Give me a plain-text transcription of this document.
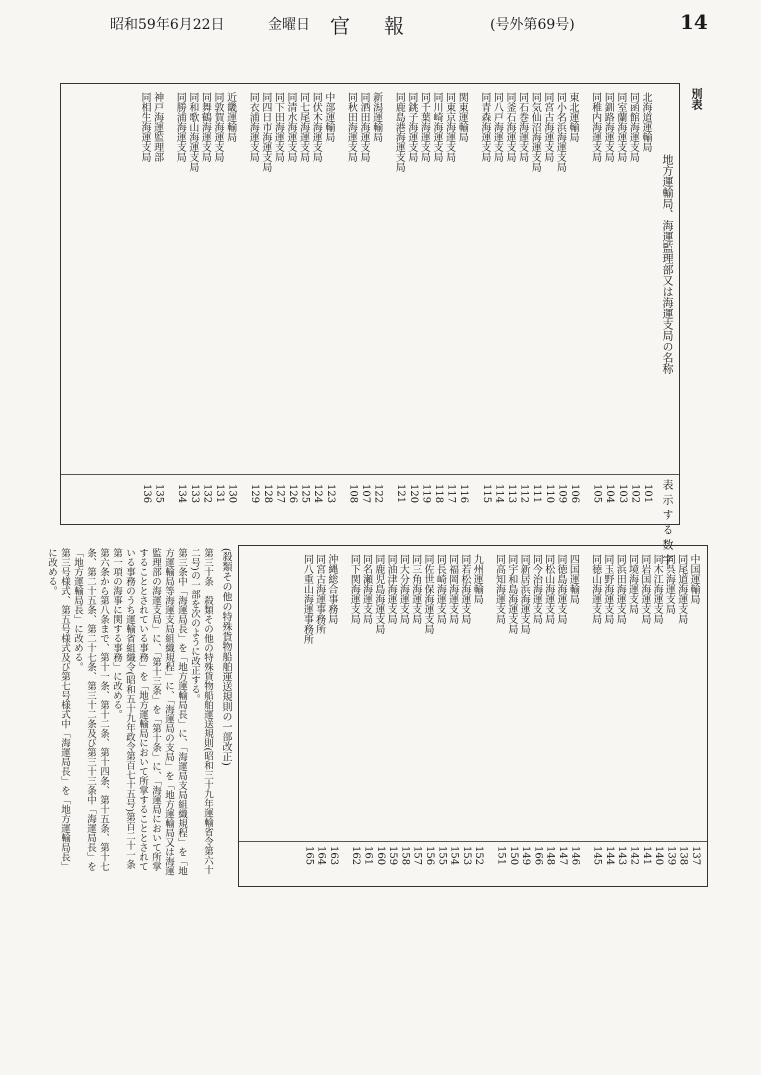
昭和59年6月22日	金曜日 官報	(号外第69号)	14
別表
地方運輸局、海運監理部又は海運支局の名称
表示する数字
北海道運輸局
101
同函館海運支局
102
同室蘭海運支局
103
同釧路海運支局
104
同稚内海運支局
105
東北運輸局
106
同小名浜海運支局
109
同宮古海運支局
110
同気仙沼海運支局
111
同石巻海運支局
112
同釜石海運支局
113
同八戸海運支局
114
同青森海運支局
115
関東運輸局
116
同東京海運支局
117
同川崎海運支局
118
同千葉海運支局
119
同銚子海運支局
120
同鹿島港海運支局
121
新潟運輸局
122
同酒田海運支局
107
同秋田海運支局
108
中部運輸局
123
同伏木海運支局
124
同七尾海運支局
125
同清水海運支局
126
同下田海運支局
127
同四日市海運支局
128
同衣浦海運支局
129
近畿運輸局
130
同敦賀海運支局
131
同舞鶴海運支局
132
同和歌山海運支局
133
同勝浦海運支局
134
神戸海運監理部
135
同相生海運支局
136
中国運輸局
137
同尾道海運支局
138
同呉海運支局
139
同木江海運支局
140
同岩国海運支局
141
同境海運支局
142
同浜田海運支局
143
同玉野海運支局
144
同徳山海運支局
145
四国運輸局
146
同徳島海運支局
147
同松山海運支局
148
同今治海運支局
166
同新居浜海運支局
149
同宇和島海運支局
150
同高知海運支局
151
九州運輸局
152
同若松海運支局
153
同福岡海運支局
154
同長崎海運支局
155
同佐世保海運支局
156
同三角海運支局
157
同大分海運支局
158
同油津海運支局
159
同鹿児島海運支局
160
同名瀬海運支局
161
同下関海運支局
162
沖縄総合事務局
163
同宮古海運事務所
164
同八重山海運事務所
165
(殺類その他の特殊貨物船舶運送規則の一部改正)

第三十条　殺類その他の特殊貨物船舶運送規則(昭和三十九年運輸省令第六十二号)の一部を次のように改正する。

第三条中「海運局長」を「地方運輸局長」に、「海運局支局組織規程」を「地方運輸局等海運支局組織規程」に、「海運局の支局」を「地方運輸局又は海運監理部の海運支局」に、「第十三条」を「第十条」に、「海運局において所掌することとされている事務」を「地方運輸局において所掌することとされている事務のうち運輸省組織令(昭和五十九年政令第百七十五号)第百二十一条第一項の海事に関する事務」に改める。

第六条から第八条まで、第十一条、第十二条、第十四条、第十五条、第十七条、第二十五条、第二十七条、第三十二条及び第三十三条中「海運局長」を「地方運輸局長」に改める。

第三号様式、第五号様式及び第七号様式中「海運局長」を「地方運輸局長」に改める。
